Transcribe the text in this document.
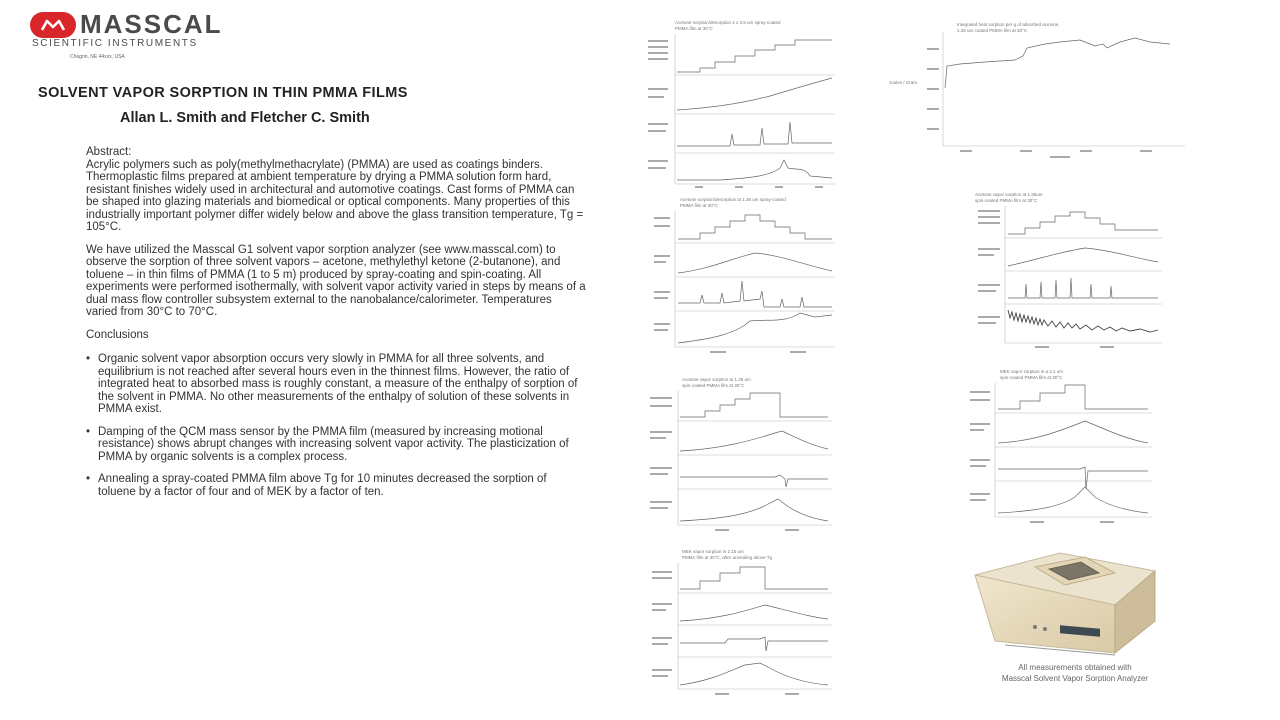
MASSCAL
SCIENTIFIC INSTRUMENTS
Chagrin, NE 44xxx, USA
SOLVENT VAPOR SORPTION IN THIN PMMA FILMS
Allan L. Smith and Fletcher C. Smith

Abstract:

Acrylic polymers such as poly(methylmethacrylate) (PMMA) are used as coatings binders. Thermoplastic films prepared at ambient temperature by drying a PMMA solution form hard, resistant finishes widely used in architectural and automotive coatings. Cast forms of PMMA can be shaped into glazing materials and biomedical or optical components. Many properties of this industrially important polymer differ widely below and above the glass transition temperature, Tg = 105°C.

We have utilized the Masscal G1 solvent vapor sorption analyzer (see www.masscal.com) to observe the sorption of three solvent vapors – acetone, methylethyl ketone (2-butanone), and toluene – in thin films of PMMA (1 to 5 m) produced by spray-coating and spin-coating. All experiments were performed isothermally, with solvent vapor activity varied in steps by means of a dual mass flow controller subsystem external to the nanobalance/calorimeter. Temperatures varied from 30°C to 70°C.

Conclusions

• Organic solvent vapor absorption occurs very slowly in PMMA for all three solvents, and equilibrium is not reached after several hours even in the thinnest films. However, the ratio of integrated heat to absorbed mass is roughly constant, a measure of the enthalpy of sorption of the solvent in PMMA. No other measurements of the enthalpy of solution of these solvents in PMMA exist.
• Damping of the QCM mass sensor by the PMMA film (measured by increasing motional resistance) shows abrupt changes with increasing solvent vapor activity. The plasticization of PMMA by organic solvents is a complex process.
• Annealing a spray-coated PMMA film above Tg for 10 minutes decreased the sorption of toluene by a factor of four and of MEK by a factor of ten.
Acetone sorption/desorption 2 x 3.5 um spray-coated
PMMA film at 30°C
Integrated heat sorption per g of absorbed acetone,
1.35 um coated PMMA film at 30°C
Joules / Gram
Acetone sorption/desorption at 1.35 um spray-coated
PMMA film at 30°C
Acetone vapor sorption at 1.35um
spin-coated PMMA film at 30°C
Acetone vapor sorption at 1.35 um
spin-coated PMMA film at 30°C
MEK vapor sorption in a 2.1 um
spin-coated PMMA film at 30°C
MEK vapor sorption in 2.15 um
PMMA film at 30°C, after annealing above Tg
All measurements obtained with
Masscal Solvent Vapor Sorption Analyzer
